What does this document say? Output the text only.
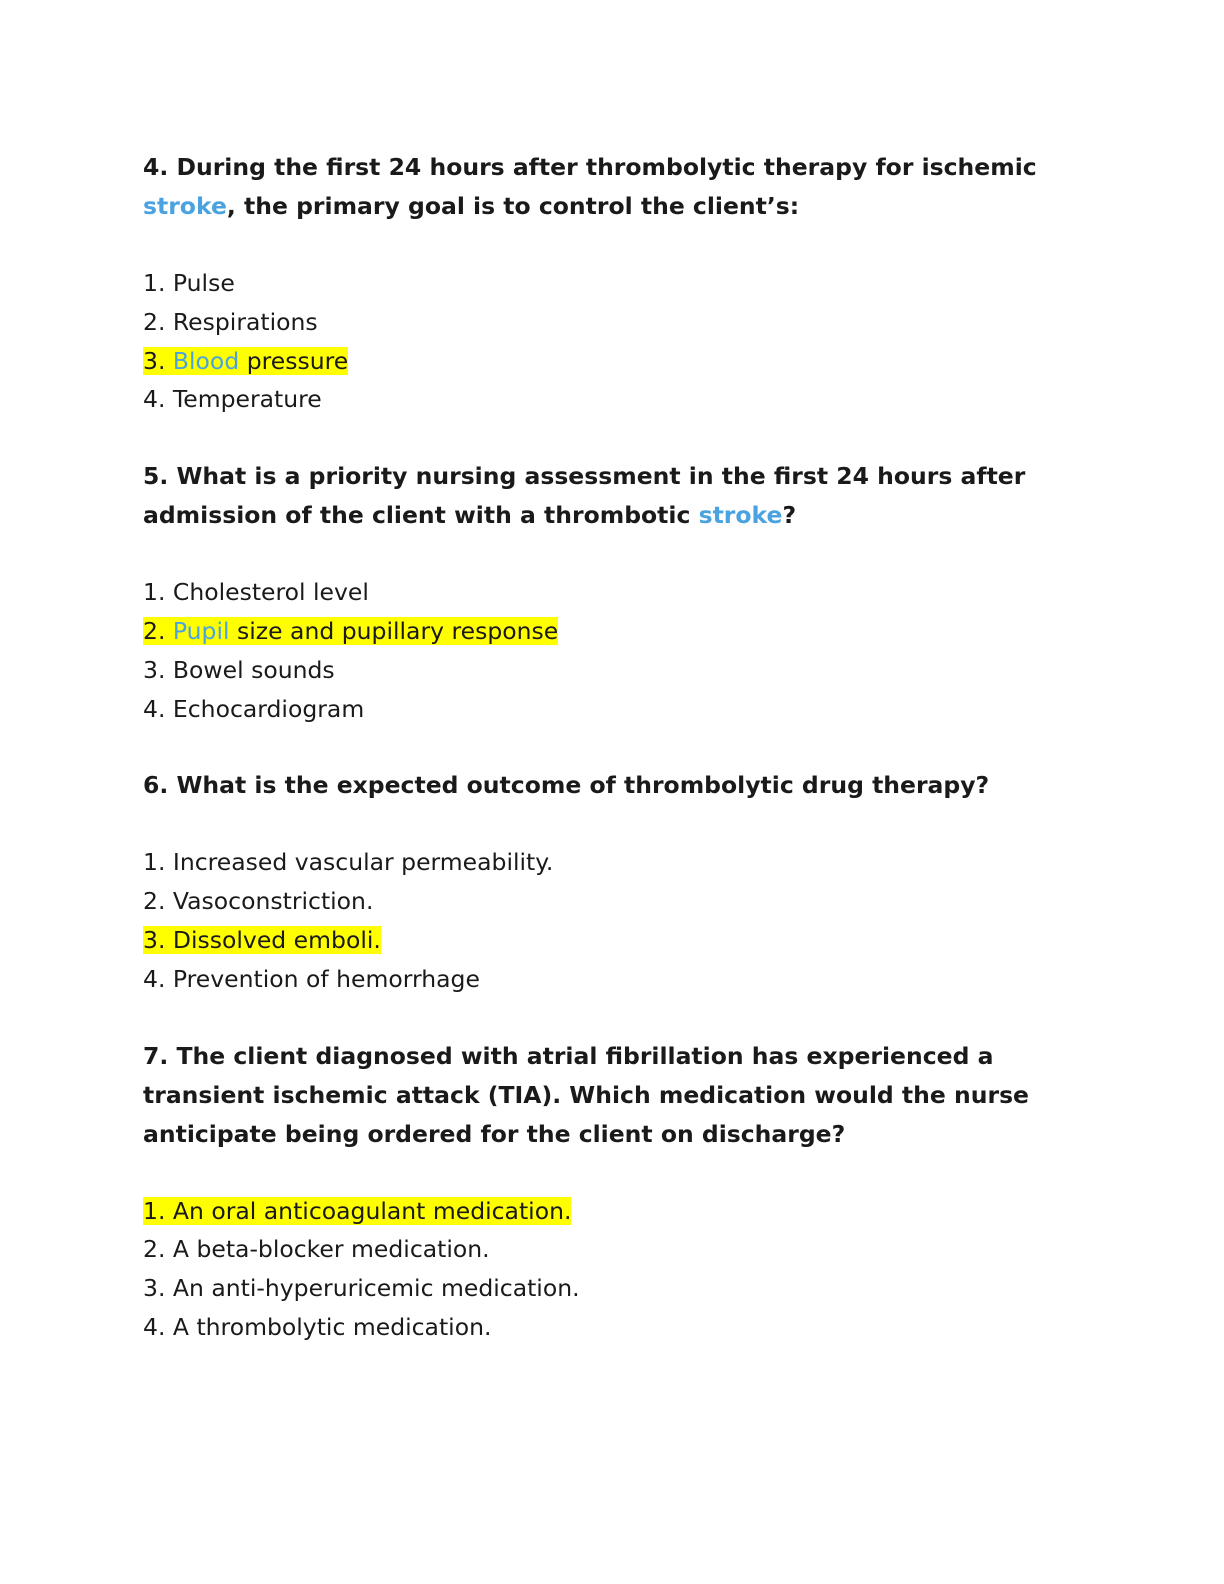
4. During the first 24 hours after thrombolytic therapy for ischemic stroke, the primary goal is to control the client’s:

1. Pulse
2. Respirations
3. Blood pressure
4. Temperature

5. What is a priority nursing assessment in the first 24 hours after admission of the client with a thrombotic stroke?

1. Cholesterol level
2. Pupil size and pupillary response
3. Bowel sounds
4. Echocardiogram

6. What is the expected outcome of thrombolytic drug therapy?

1. Increased vascular permeability.
2. Vasoconstriction.
3. Dissolved emboli.
4. Prevention of hemorrhage

7. The client diagnosed with atrial fibrillation has experienced a transient ischemic attack (TIA). Which medication would the nurse anticipate being ordered for the client on discharge?

1. An oral anticoagulant medication.
2. A beta-blocker medication.
3. An anti-hyperuricemic medication.
4. A thrombolytic medication.
